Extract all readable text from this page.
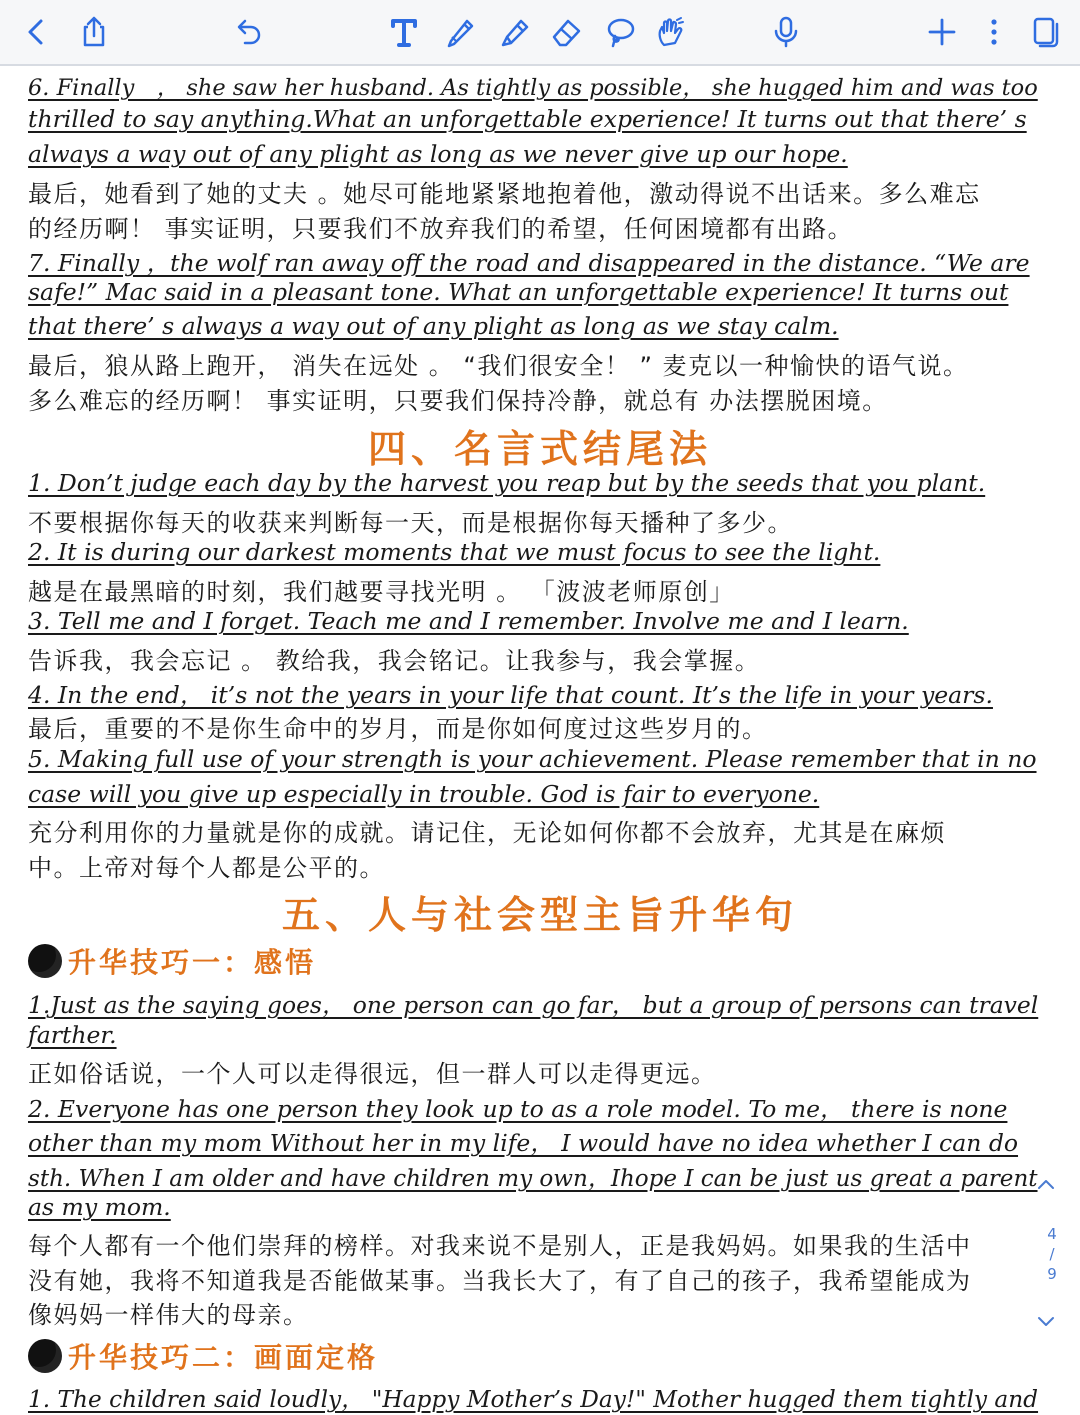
6. Finally　， she saw her husband. As tightly as possible， she hugged him and was too
thrilled to say anything.What an unforgettable experience! It turns out that there’ s
always a way out of any plight as long as we never give up our hope.
最后，她看到了她的丈夫 。她尽可能地紧紧地抱着他，激动得说不出话来。多么难忘
的经历啊！ 事实证明，只要我们不放弃我们的希望，任何困境都有出路。
7. Finally ，the wolf ran away off the road and disappeared in the distance. “We are
safe!” Mac said in a pleasant tone. What an unforgettable experience! It turns out
that there’ s always a way out of any plight as long as we stay calm.
最后，狼从路上跑开， 消失在远处 。 “我们很安全！ ” 麦克以一种愉快的语气说。
多么难忘的经历啊！ 事实证明，只要我们保持冷静，就总有 办法摆脱困境。
四、名言式结尾法
1. Don’t judge each day by the harvest you reap but by the seeds that you plant.
不要根据你每天的收获来判断每一天，而是根据你每天播种了多少。
2. It is during our darkest moments that we must focus to see the light.
越是在最黑暗的时刻，我们越要寻找光明 。 「波波老师原创」
3. Tell me and I forget. Teach me and I remember. Involve me and I learn.
告诉我，我会忘记 。 教给我，我会铭记。让我参与，我会掌握。
4. In the end， it’s not the years in your life that count. It’s the life in your years.
最后，重要的不是你生命中的岁月，而是你如何度过这些岁月的。
5. Making full use of your strength is your achievement. Please remember that in no
case will you give up especially in trouble. God is fair to everyone.
充分利用你的力量就是你的成就。请记住，无论如何你都不会放弃，尤其是在麻烦
中。上帝对每个人都是公平的。
五、人与社会型主旨升华句
升华技巧一：感悟
1.Just as the saying goes， one person can go far， but a group of persons can travel
farther.
正如俗话说，一个人可以走得很远，但一群人可以走得更远。
2. Everyone has one person they look up to as a role model. To me， there is none
other than my mom Without her in my life， I would have no idea whether I can do
sth. When I am older and have children my own，Ihope I can be just us great a parent
as my mom.
每个人都有一个他们崇拜的榜样。对我来说不是别人，正是我妈妈。如果我的生活中
没有她，我将不知道我是否能做某事。当我长大了，有了自己的孩子，我希望能成为
像妈妈一样伟大的母亲。
升华技巧二：画面定格
1. The children said loudly， "Happy Mother’s Day!" Mother hugged them tightly and
4
/
9
